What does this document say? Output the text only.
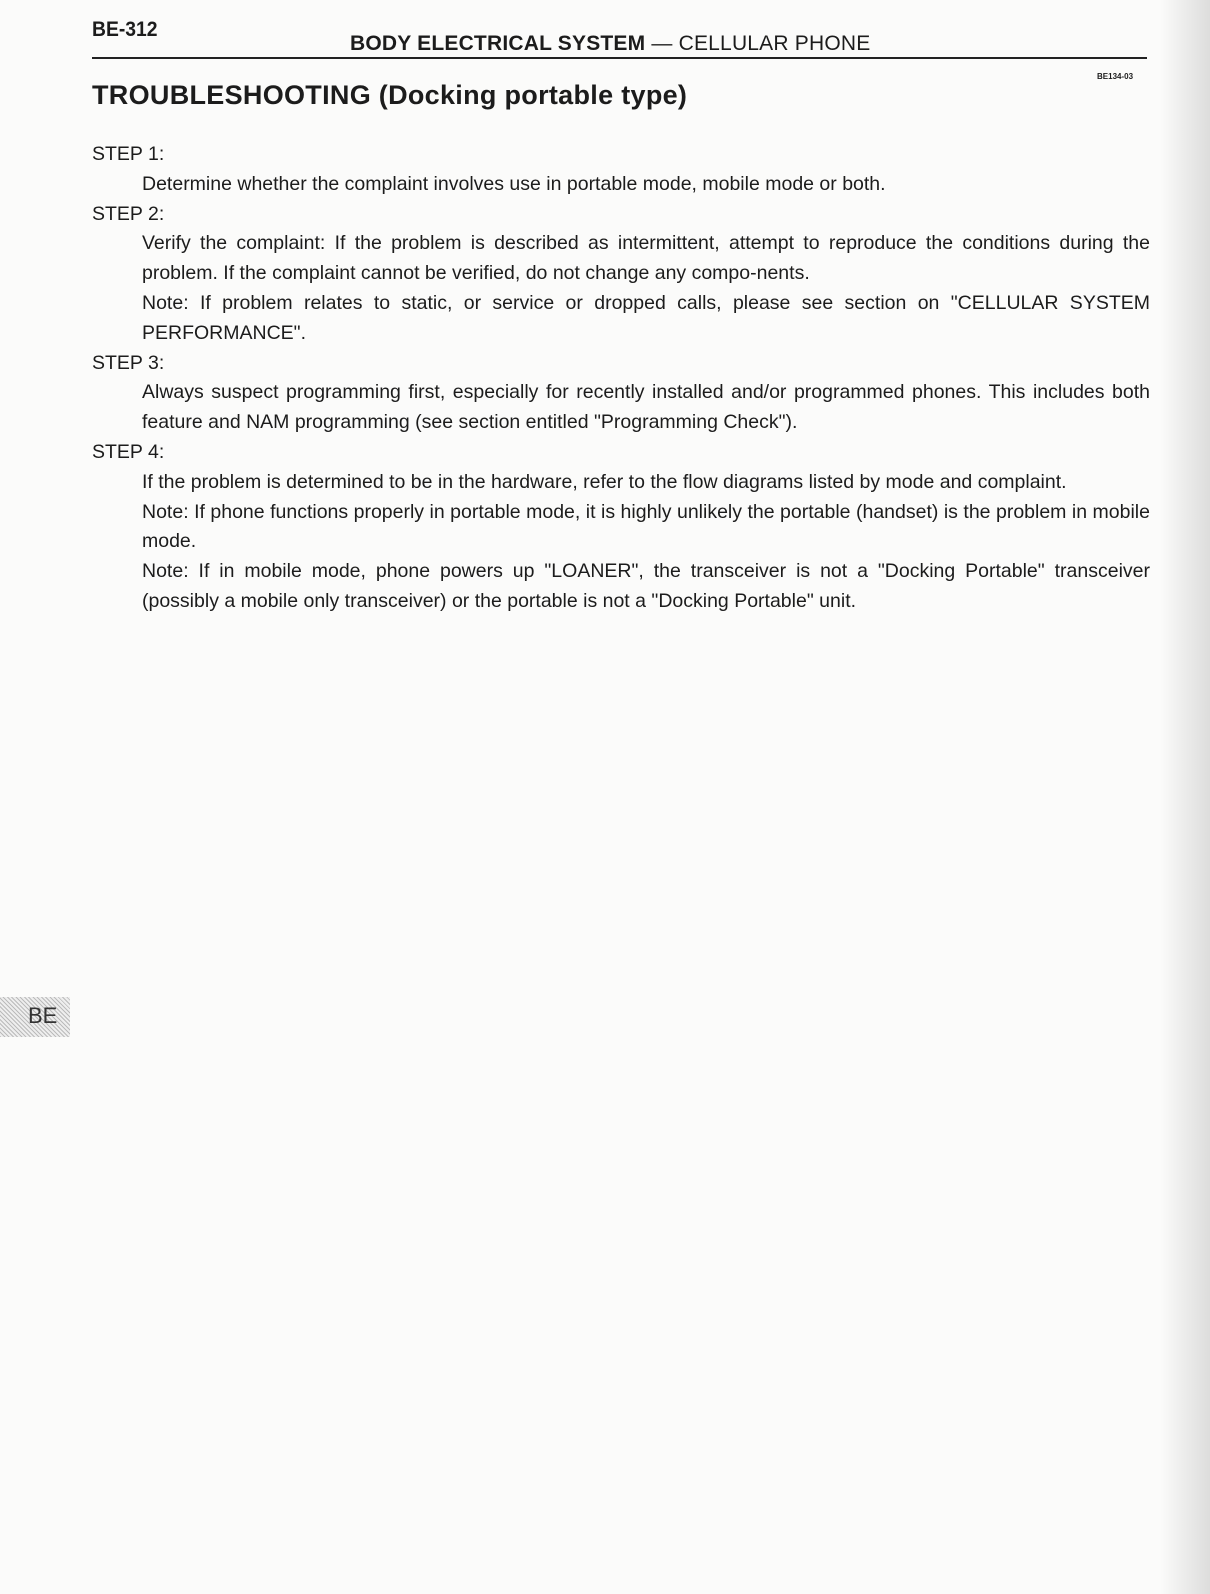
BE-312
BODY ELECTRICAL SYSTEM — CELLULAR PHONE
BE134-03
TROUBLESHOOTING (Docking portable type)

STEP 1:

Determine whether the complaint involves use in portable mode, mobile mode or both.

STEP 2:

Verify the complaint: If the problem is described as intermittent, attempt to reproduce the conditions during the problem. If the complaint cannot be verified, do not change any compo-nents.

Note: If problem relates to static, or service or dropped calls, please see section on "CELLULAR SYSTEM PERFORMANCE".

STEP 3:

Always suspect programming first, especially for recently installed and/or programmed phones. This includes both feature and NAM programming (see section entitled "Programming Check").

STEP 4:

If the problem is determined to be in the hardware, refer to the flow diagrams listed by mode and complaint.

Note: If phone functions properly in portable mode, it is highly unlikely the portable (handset) is the problem in mobile mode.

Note: If in mobile mode, phone powers up "LOANER", the transceiver is not a "Docking Portable" transceiver (possibly a mobile only transceiver) or the portable is not a "Docking Portable" unit.

BE
